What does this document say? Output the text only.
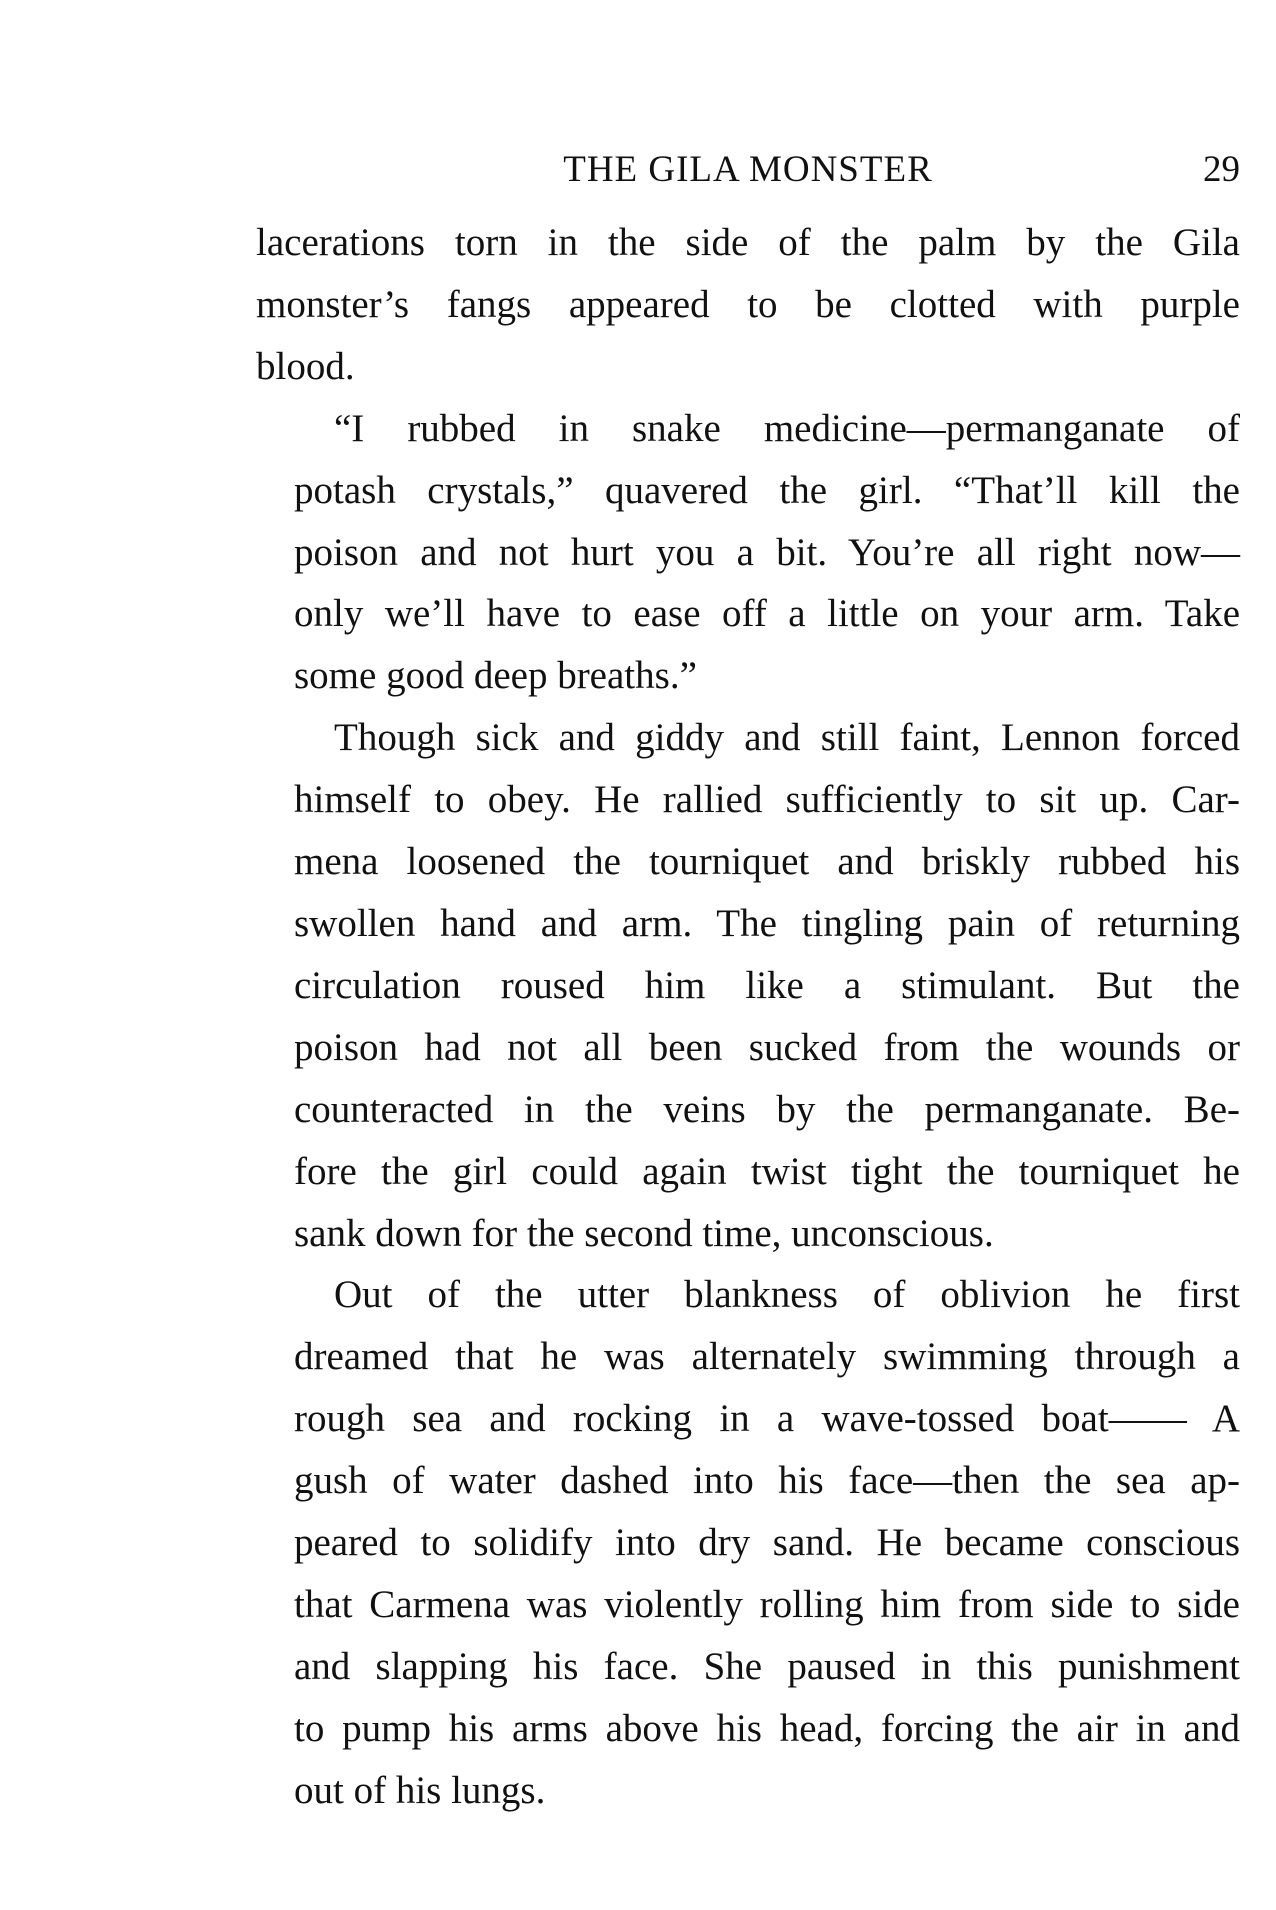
THE GILA MONSTER	29
lacerations torn in the side of the palm by the Gila
monster’s fangs appeared to be clotted with purple
blood.
“I rubbed in snake medicine—permanganate of
potash crystals,” quavered the girl. “That’ll kill the
poison and not hurt you a bit. You’re all right now—
only we’ll have to ease off a little on your arm. Take
some good deep breaths.”
Though sick and giddy and still faint, Lennon forced
himself to obey. He rallied sufficiently to sit up. Car-
mena loosened the tourniquet and briskly rubbed his
swollen hand and arm. The tingling pain of returning
circulation roused him like a stimulant. But the
poison had not all been sucked from the wounds or
counteracted in the veins by the permanganate. Be-
fore the girl could again twist tight the tourniquet he
sank down for the second time, unconscious.
Out of the utter blankness of oblivion he first
dreamed that he was alternately swimming through a
rough sea and rocking in a wave-tossed boat—— A
gush of water dashed into his face—then the sea ap-
peared to solidify into dry sand. He became conscious
that Carmena was violently rolling him from side to side
and slapping his face. She paused in this punishment
to pump his arms above his head, forcing the air in and
out of his lungs.
